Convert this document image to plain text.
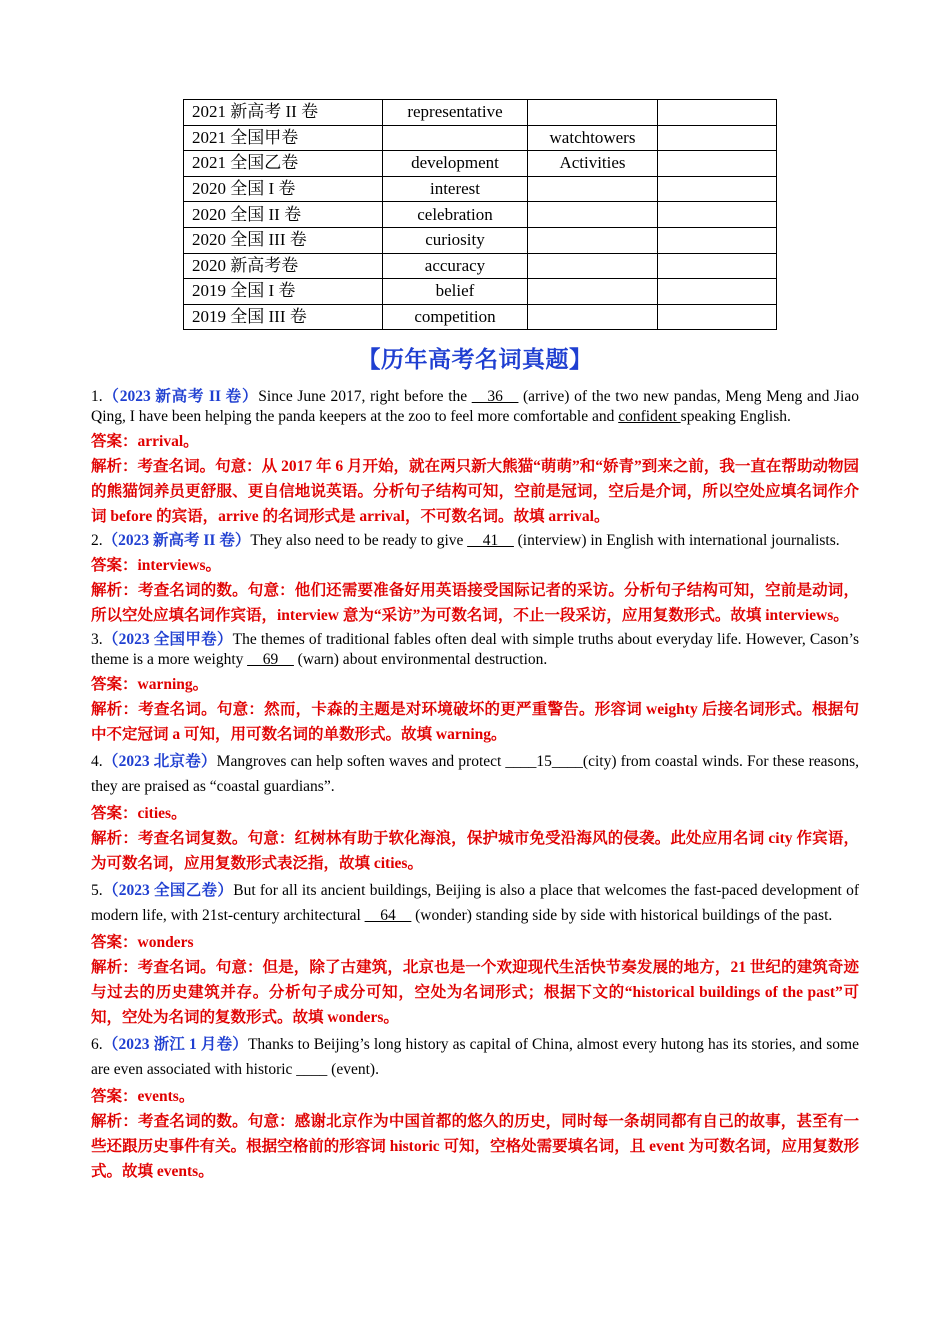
2021 新高考 II 卷	representative		
2021 全国甲卷		watchtowers	
2021 全国乙卷	development	Activities	
2020 全国 I 卷	interest		
2020 全国 II 卷	celebration		
2020 全国 III 卷	curiosity		
2020 新高考卷	accuracy		
2019 全国 I 卷	belief		
2019 全国 III 卷	competition		
【历年高考名词真题】
1.（2023 新高考 II 卷）Since June 2017, right before the __36__ (arrive) of the two new pandas, Meng Meng and Jiao Qing, I have been helping the panda keepers at the zoo to feel more comfortable and confident speaking English.
答案：arrival。
解析：考查名词。句意：从 2017 年 6 月开始，就在两只新大熊猫“萌萌”和“娇青”到来之前，我一直在帮助动物园的熊猫饲养员更舒服、更自信地说英语。分析句子结构可知，空前是冠词，空后是介词，所以空处应填名词作介词 before 的宾语，arrive 的名词形式是 arrival，不可数名词。故填 arrival。
2.（2023 新高考 II 卷）They also need to be ready to give __41__ (interview) in English with international journalists.
答案：interviews。
解析：考查名词的数。句意：他们还需要准备好用英语接受国际记者的采访。分析句子结构可知，空前是动词，所以空处应填名词作宾语，interview 意为“采访”为可数名词，不止一段采访，应用复数形式。故填 interviews。
3.（2023 全国甲卷）The themes of traditional fables often deal with simple truths about everyday life. However, Cason’s theme is a more weighty __69__ (warn) about environmental destruction.
答案：warning。
解析：考查名词。句意：然而，卡森的主题是对环境破坏的更严重警告。形容词 weighty 后接名词形式。根据句中不定冠词 a 可知，用可数名词的单数形式。故填 warning。
4.（2023 北京卷）Mangroves can help soften waves and protect ____15____(city) from coastal winds. For these reasons, they are praised as “coastal guardians”.
答案：cities。
解析：考查名词复数。句意：红树林有助于软化海浪，保护城市免受沿海风的侵袭。此处应用名词 city 作宾语，为可数名词，应用复数形式表泛指，故填 cities。
5.（2023 全国乙卷）But for all its ancient buildings, Beijing is also a place that welcomes the fast-paced development of modern life, with 21st-century architectural __64__ (wonder) standing side by side with historical buildings of the past.
答案：wonders
解析：考查名词。句意：但是，除了古建筑，北京也是一个欢迎现代生活快节奏发展的地方，21 世纪的建筑奇迹与过去的历史建筑并存。分析句子成分可知，空处为名词形式；根据下文的“historical buildings of the past”可知，空处为名词的复数形式。故填 wonders。
6.（2023 浙江 1 月卷）Thanks to Beijing’s long history as capital of China, almost every hutong has its stories, and some are even associated with historic ____ (event).
答案：events。
解析：考查名词的数。句意：感谢北京作为中国首都的悠久的历史，同时每一条胡同都有自己的故事，甚至有一些还跟历史事件有关。根据空格前的形容词 historic 可知，空格处需要填名词，且 event 为可数名词，应用复数形式。故填 events。
